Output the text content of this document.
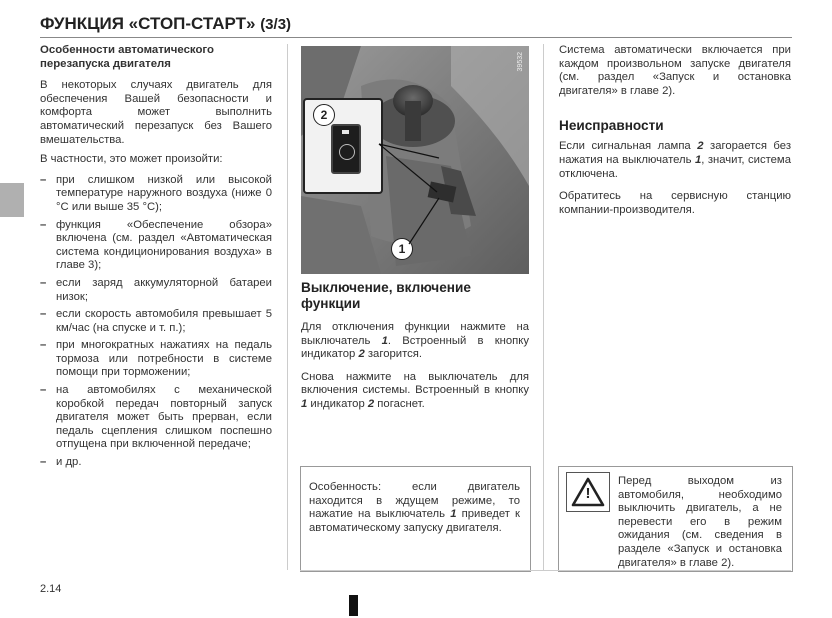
ФУНКЦИЯ «СТОП-СТАРТ» (3/3)
Особенности автоматического перезапуска двигателя

В некоторых случаях двигатель для обеспечения Вашей безопасности и комфорта может выполнить автоматический перезапуск без Вашего вмешательства.

В частности, это может произойти:

– при слишком низкой или высокой температуре наружного воздуха (ниже 0 °C или выше 35 °C);
– функция «Обеспечение обзора» включена (см. раздел «Автоматическая система кондиционирования воздуха» в главе 3);
– если заряд аккумуляторной батареи низок;
– если скорость автомобиля превышает 5 км/час (на спуске и т. п.);
– при многократных нажатиях на педаль тормоза или потребности в системе помощи при торможении;
– на автомобилях с механической коробкой передач повторный запуск двигателя может быть прерван, если педаль сцепления слишком поспешно отпущена при включенной передаче;
– и др.
2
1
39532
Выключение, включение функции

Для отключения функции нажмите на выключатель 1. Встроенный в кнопку индикатор 2 загорится.

Снова нажмите на выключатель для включения системы. Встроенный в кнопку 1 индикатор 2 погаснет.

Особенность: если двигатель находится в ждущем режиме, то нажатие на выключатель 1 приведет к автоматическому запуску двигателя.

Система автоматически включается при каждом произвольном запуске двигателя (см. раздел «Запуск и остановка двигателя» в главе 2).

Неисправности

Если сигнальная лампа 2 загорается без нажатия на выключатель 1, значит, система отключена.

Обратитесь на сервисную станцию компании-производителя.

!

Перед выходом из автомобиля, необходимо выключить двигатель, а не перевести его в режим ожидания (см. сведения в разделе «Запуск и остановка двигателя» в главе 2).

2.14
